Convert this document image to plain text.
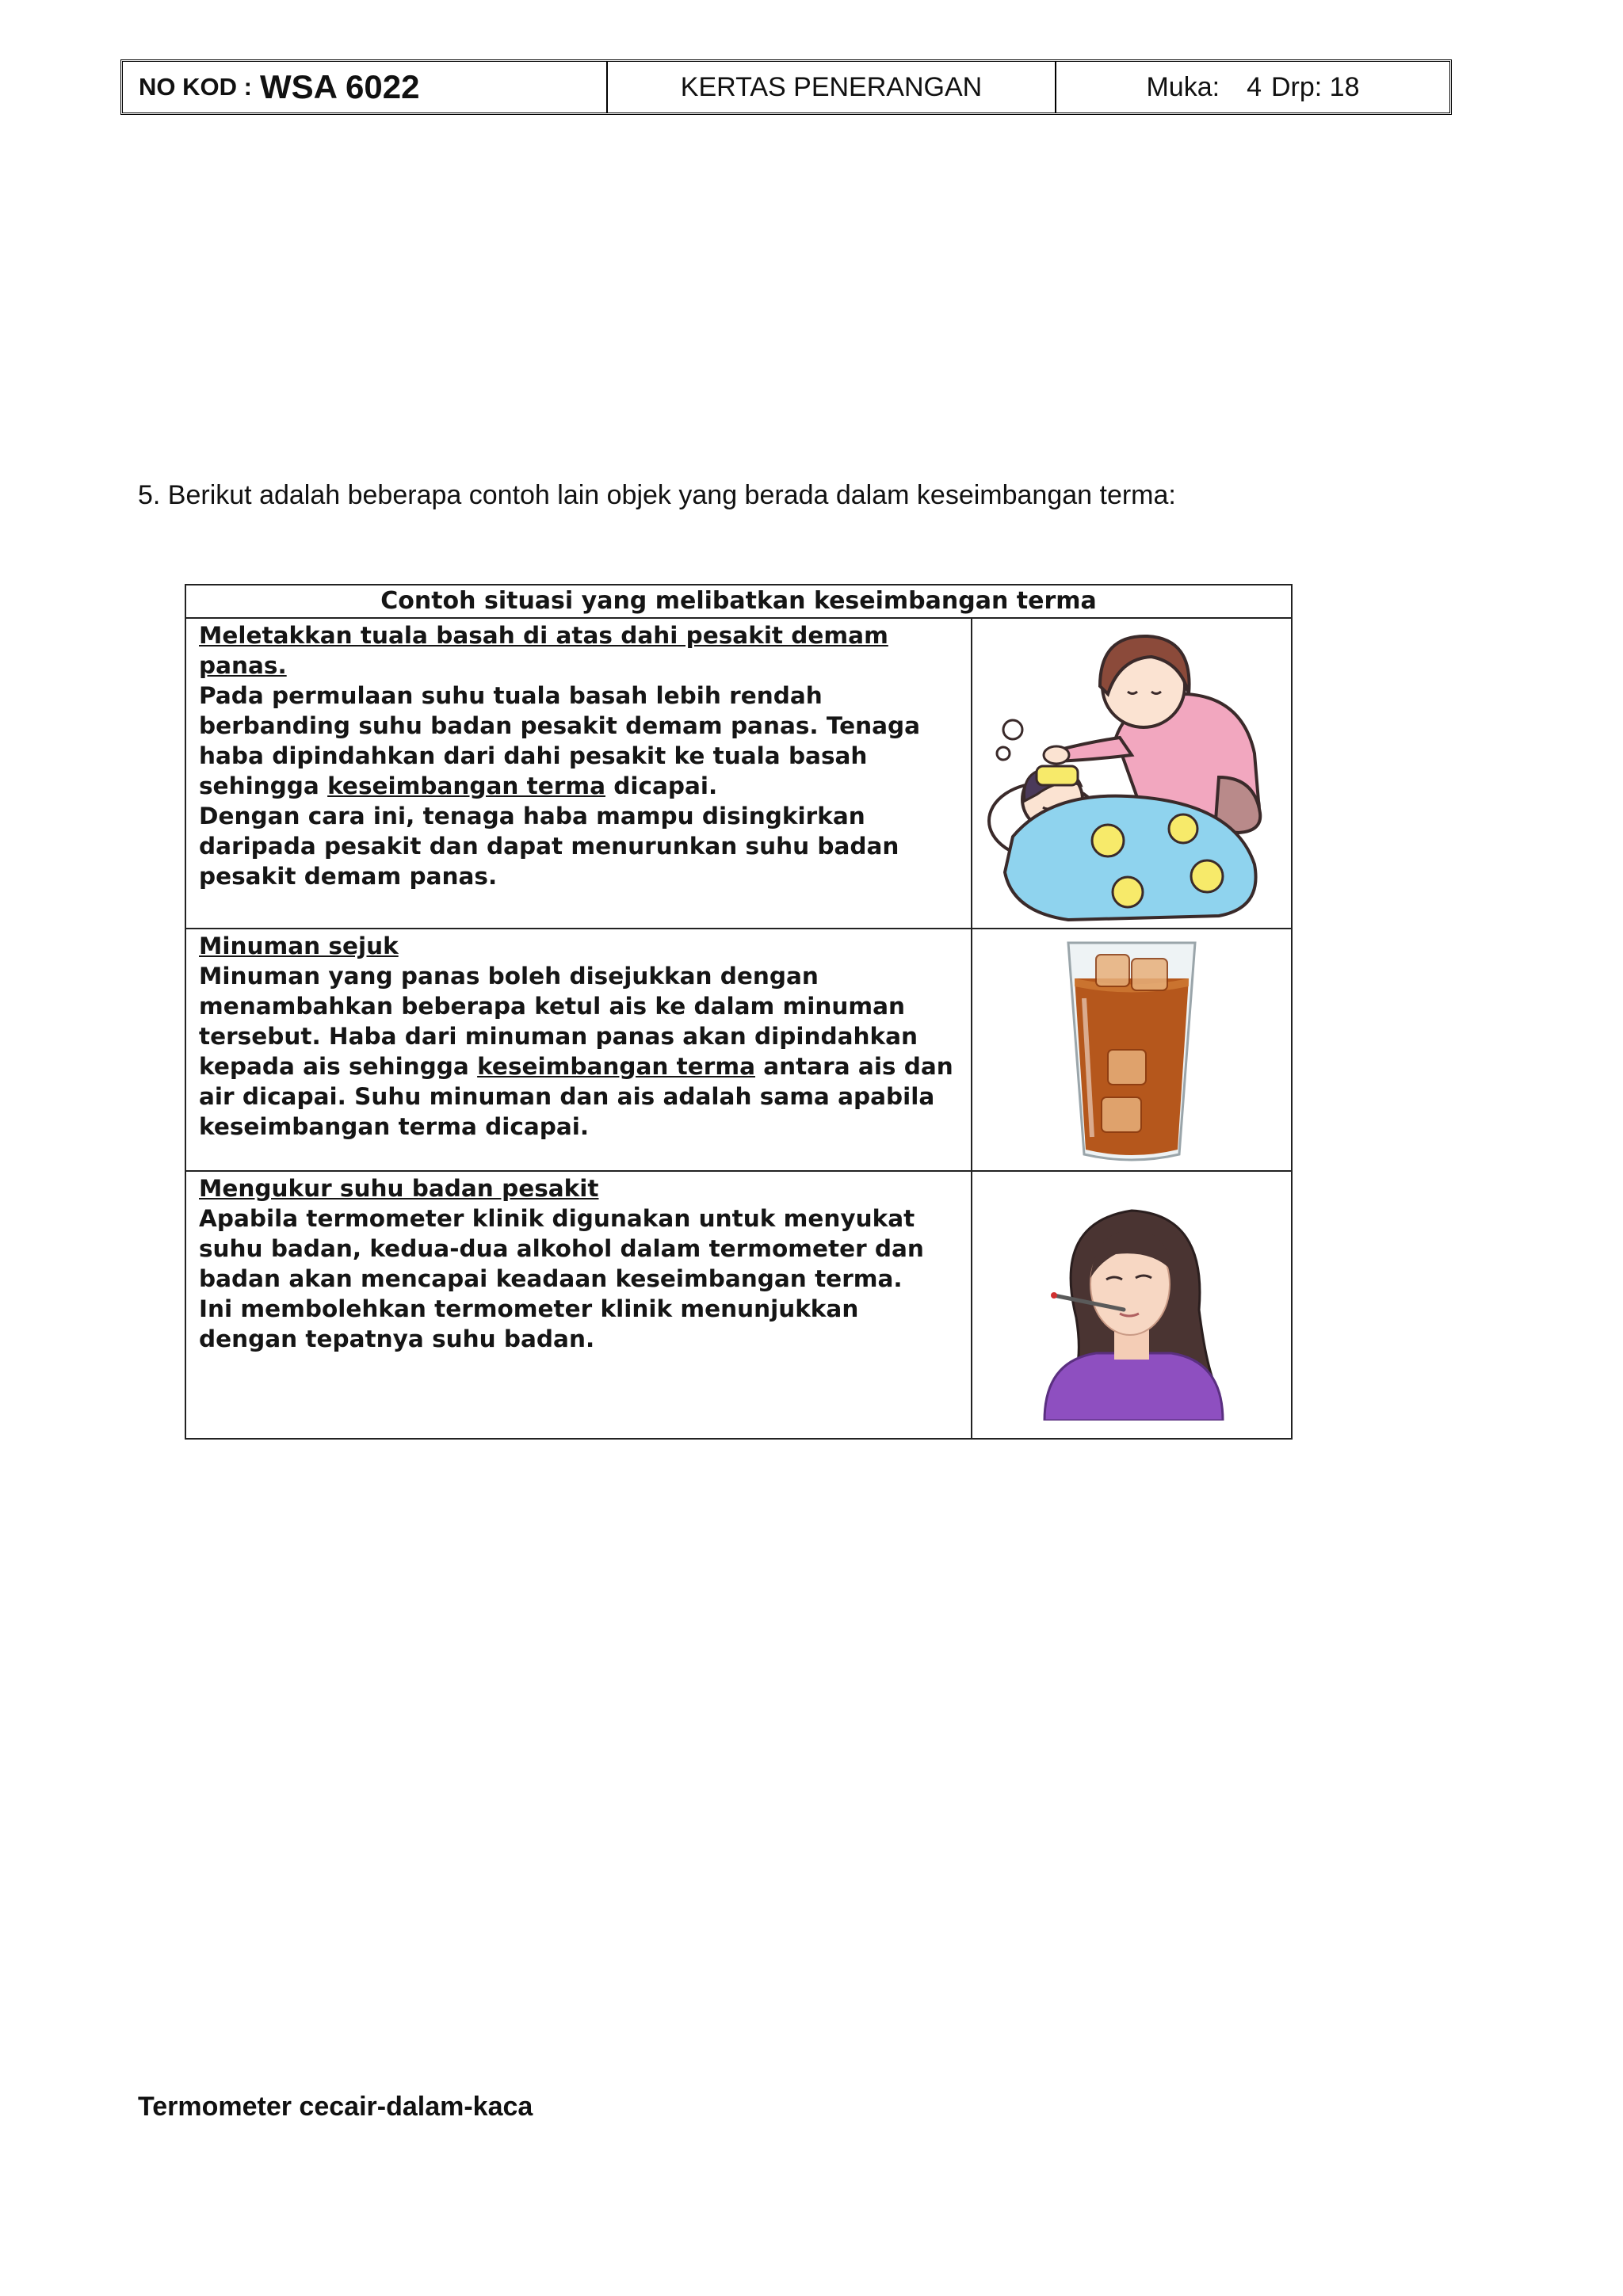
NO KOD : WSA 6022	KERTAS PENERANGAN	Muka: 4 Drp: 18
5. Berikut adalah beberapa contoh lain objek yang berada dalam keseimbangan terma:
Contoh situasi yang melibatkan keseimbangan terma
Meletakkan tuala basah di atas dahi pesakit demam panas.
Pada permulaan suhu tuala basah lebih rendah berbanding suhu badan pesakit demam panas. Tenaga haba dipindahkan dari dahi pesakit ke tuala basah sehingga keseimbangan terma dicapai.
Dengan cara ini, tenaga haba mampu disingkirkan daripada pesakit dan dapat menurunkan suhu badan pesakit demam panas.
Minuman sejuk
Minuman yang panas boleh disejukkan dengan menambahkan beberapa ketul ais ke dalam minuman tersebut. Haba dari minuman panas akan dipindahkan kepada ais sehingga keseimbangan terma antara ais dan air dicapai. Suhu minuman dan ais adalah sama apabila keseimbangan terma dicapai.
Mengukur suhu badan pesakit
Apabila termometer klinik digunakan untuk menyukat suhu badan, kedua-dua alkohol dalam termometer dan badan akan mencapai keadaan keseimbangan terma.
Ini membolehkan termometer klinik menunjukkan dengan tepatnya suhu badan.
Termometer cecair-dalam-kaca
